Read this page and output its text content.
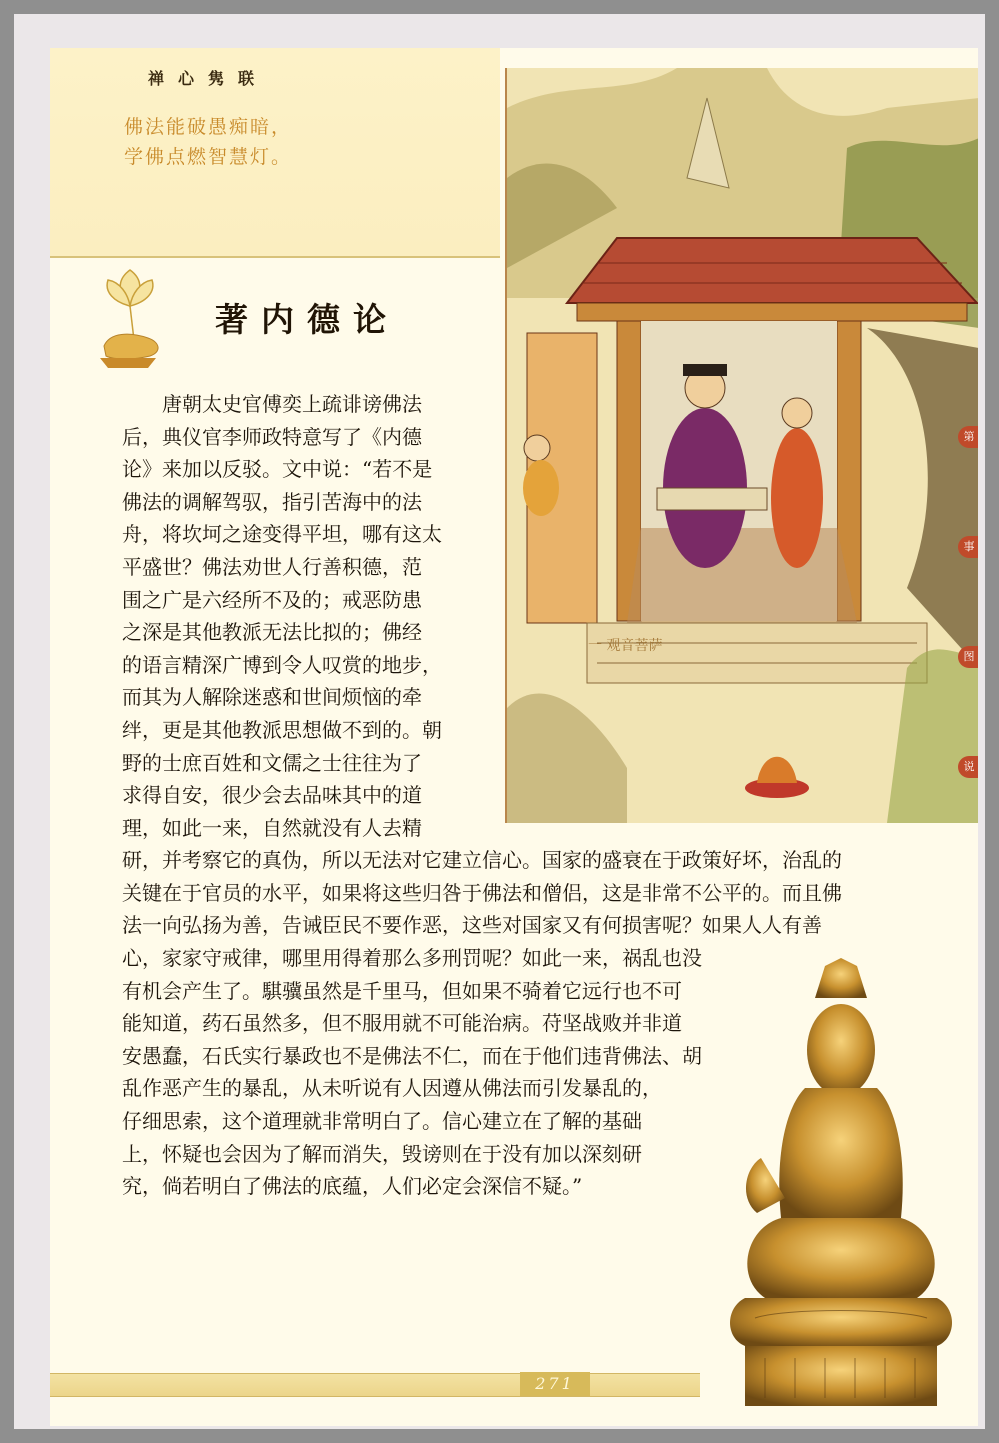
禅心隽联
佛法能破愚痴暗，
学佛点燃智慧灯。
著内德论
第
事
图
说
　　唐朝太史官傅奕上疏诽谤佛法
后，典仪官李师政特意写了《内德
论》来加以反驳。文中说：“若不是
佛法的调解驾驭，指引苦海中的法
舟，将坎坷之途变得平坦，哪有这太
平盛世？佛法劝世人行善积德，范
围之广是六经所不及的；戒恶防患
之深是其他教派无法比拟的；佛经
的语言精深广博到令人叹赏的地步，
而其为人解除迷惑和世间烦恼的牵
绊，更是其他教派思想做不到的。朝
野的士庶百姓和文儒之士往往为了
求得自安，很少会去品味其中的道
理，如此一来，自然就没有人去精
研，并考察它的真伪，所以无法对它建立信心。国家的盛衰在于政策好坏，治乱的
关键在于官员的水平，如果将这些归咎于佛法和僧侣，这是非常不公平的。而且佛
法一向弘扬为善，告诫臣民不要作恶，这些对国家又有何损害呢？如果人人有善
心，家家守戒律，哪里用得着那么多刑罚呢？如此一来，祸乱也没
有机会产生了。騏骥虽然是千里马，但如果不骑着它远行也不可
能知道，药石虽然多，但不服用就不可能治病。苻坚战败并非道
安愚蠢，石氏实行暴政也不是佛法不仁，而在于他们违背佛法、胡
乱作恶产生的暴乱，从未听说有人因遵从佛法而引发暴乱的，
仔细思索，这个道理就非常明白了。信心建立在了解的基础
上，怀疑也会因为了解而消失，毁谤则在于没有加以深刻研
究，倘若明白了佛法的底蕴，人们必定会深信不疑。”
一 观音菩萨
271
